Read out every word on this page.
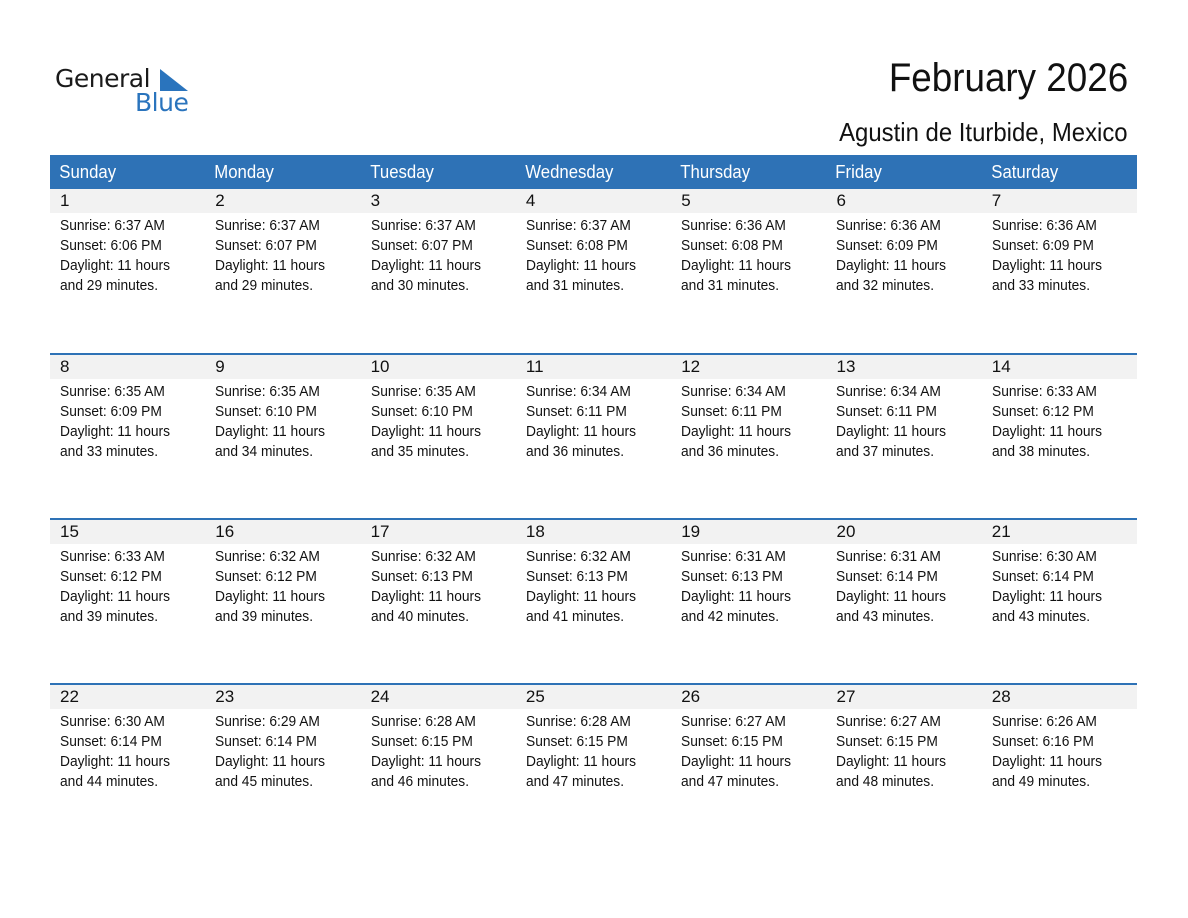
General
Blue
February 2026
Agustin de Iturbide, Mexico
Sunday	Monday	Tuesday	Wednesday	Thursday	Friday	Saturday
1	2	3	4	5	6	7
Sunrise: 6:37 AM
Sunset: 6:06 PM
Daylight: 11 hours
and 29 minutes.
Sunrise: 6:37 AM
Sunset: 6:07 PM
Daylight: 11 hours
and 29 minutes.
Sunrise: 6:37 AM
Sunset: 6:07 PM
Daylight: 11 hours
and 30 minutes.
Sunrise: 6:37 AM
Sunset: 6:08 PM
Daylight: 11 hours
and 31 minutes.
Sunrise: 6:36 AM
Sunset: 6:08 PM
Daylight: 11 hours
and 31 minutes.
Sunrise: 6:36 AM
Sunset: 6:09 PM
Daylight: 11 hours
and 32 minutes.
Sunrise: 6:36 AM
Sunset: 6:09 PM
Daylight: 11 hours
and 33 minutes.
8	9	10	11	12	13	14
Sunrise: 6:35 AM
Sunset: 6:09 PM
Daylight: 11 hours
and 33 minutes.
Sunrise: 6:35 AM
Sunset: 6:10 PM
Daylight: 11 hours
and 34 minutes.
Sunrise: 6:35 AM
Sunset: 6:10 PM
Daylight: 11 hours
and 35 minutes.
Sunrise: 6:34 AM
Sunset: 6:11 PM
Daylight: 11 hours
and 36 minutes.
Sunrise: 6:34 AM
Sunset: 6:11 PM
Daylight: 11 hours
and 36 minutes.
Sunrise: 6:34 AM
Sunset: 6:11 PM
Daylight: 11 hours
and 37 minutes.
Sunrise: 6:33 AM
Sunset: 6:12 PM
Daylight: 11 hours
and 38 minutes.
15	16	17	18	19	20	21
Sunrise: 6:33 AM
Sunset: 6:12 PM
Daylight: 11 hours
and 39 minutes.
Sunrise: 6:32 AM
Sunset: 6:12 PM
Daylight: 11 hours
and 39 minutes.
Sunrise: 6:32 AM
Sunset: 6:13 PM
Daylight: 11 hours
and 40 minutes.
Sunrise: 6:32 AM
Sunset: 6:13 PM
Daylight: 11 hours
and 41 minutes.
Sunrise: 6:31 AM
Sunset: 6:13 PM
Daylight: 11 hours
and 42 minutes.
Sunrise: 6:31 AM
Sunset: 6:14 PM
Daylight: 11 hours
and 43 minutes.
Sunrise: 6:30 AM
Sunset: 6:14 PM
Daylight: 11 hours
and 43 minutes.
22	23	24	25	26	27	28
Sunrise: 6:30 AM
Sunset: 6:14 PM
Daylight: 11 hours
and 44 minutes.
Sunrise: 6:29 AM
Sunset: 6:14 PM
Daylight: 11 hours
and 45 minutes.
Sunrise: 6:28 AM
Sunset: 6:15 PM
Daylight: 11 hours
and 46 minutes.
Sunrise: 6:28 AM
Sunset: 6:15 PM
Daylight: 11 hours
and 47 minutes.
Sunrise: 6:27 AM
Sunset: 6:15 PM
Daylight: 11 hours
and 47 minutes.
Sunrise: 6:27 AM
Sunset: 6:15 PM
Daylight: 11 hours
and 48 minutes.
Sunrise: 6:26 AM
Sunset: 6:16 PM
Daylight: 11 hours
and 49 minutes.
